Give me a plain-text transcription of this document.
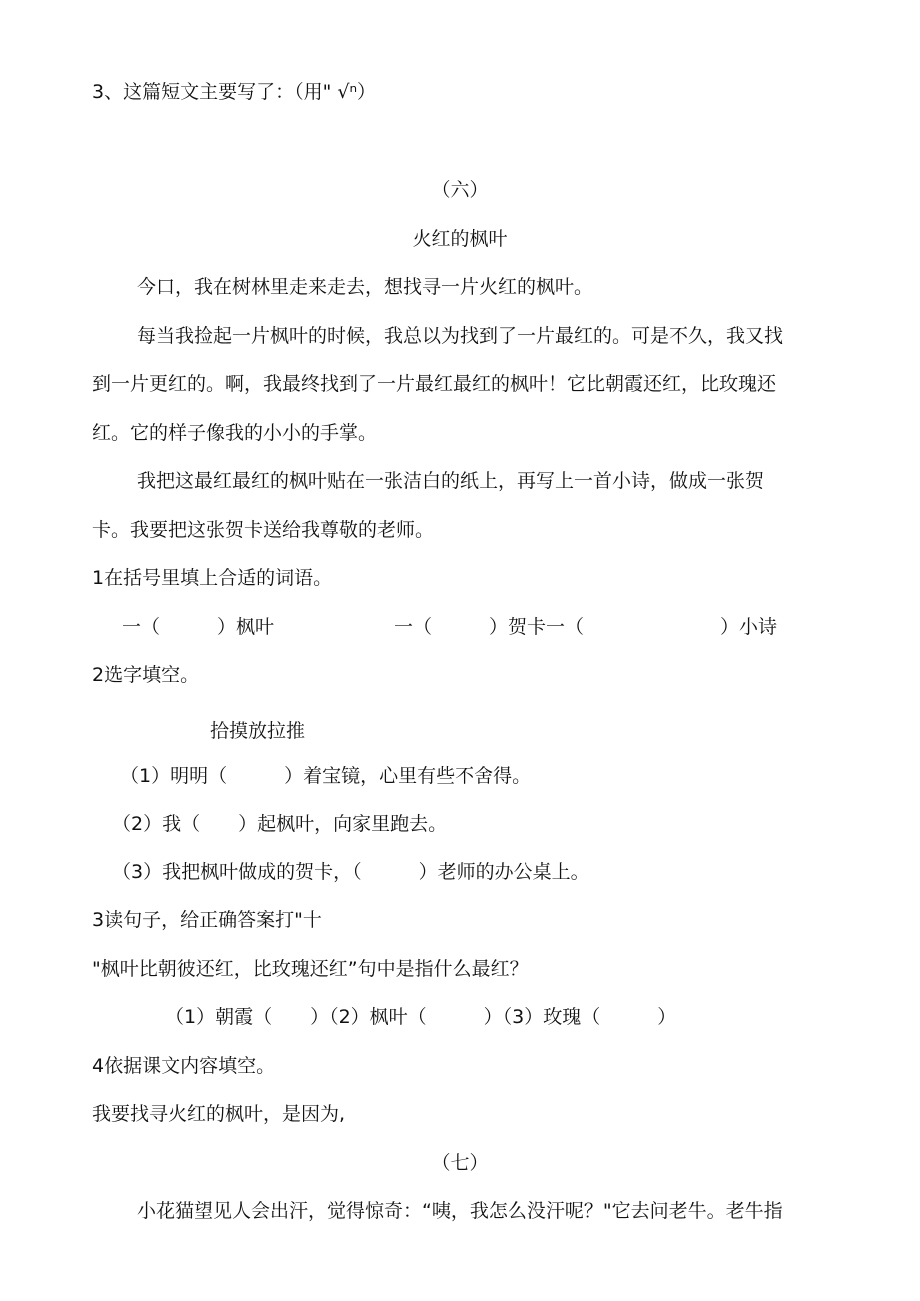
3、这篇短文主要写了：（用" √ⁿ）
（六）
火红的枫叶
今口，我在树林里走来走去，想找寻一片火红的枫叶。
每当我捡起一片枫叶的时候，我总以为找到了一片最红的。可是不久，我又找
到一片更红的。啊，我最终找到了一片最红最红的枫叶！它比朝霞还红，比玫瑰还
红。它的样子像我的小小的手掌。
我把这最红最红的枫叶贴在一张洁白的纸上，再写上一首小诗，做成一张贺
卡。我要把这张贺卡送给我尊敬的老师。
1在括号里填上合适的词语。
一（　　　）枫叶	一（　　　）贺卡一（	）小诗
2选字填空。
拾摸放拉推
（1）明明（　　　）着宝镜，心里有些不舍得。
（2）我（　　）起枫叶，向家里跑去。
（3）我把枫叶做成的贺卡，（　　　）老师的办公桌上。
3读句子，给正确答案打"十
"枫叶比朝彼还红，比玫瑰还红”句中是指什么最红？
（1）朝霞（　　）（2）枫叶（　　　）（3）玫瑰（　　　）
4依据课文内容填空。
我要找寻火红的枫叶，是因为,
（七）
小花猫望见人会出汗，觉得惊奇：“咦，我怎么没汗呢？"它去问老牛。老牛指
